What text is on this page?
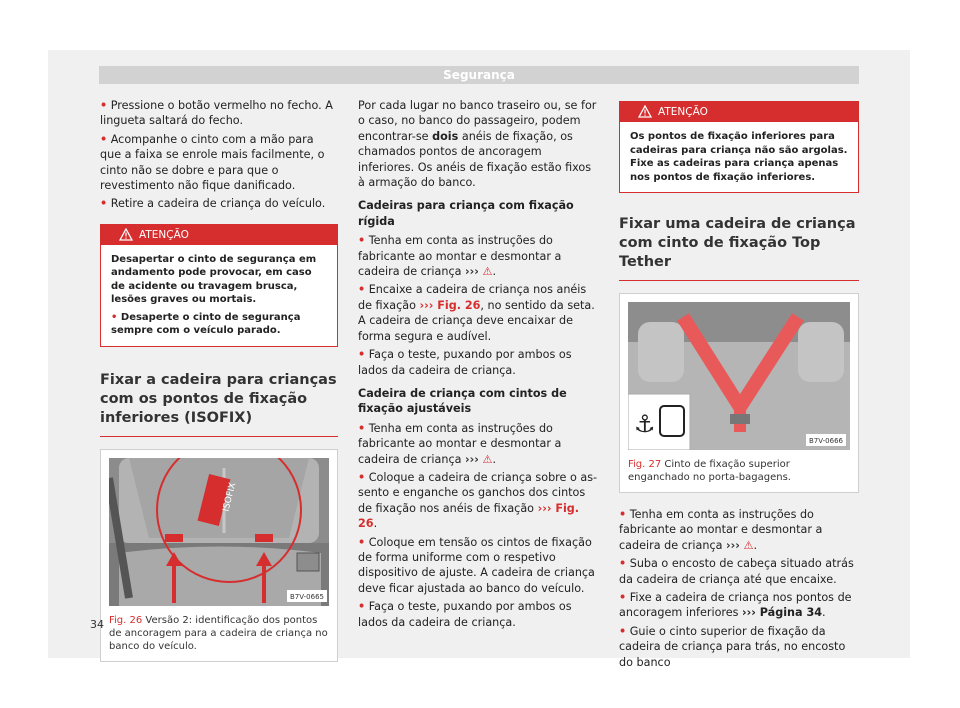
Segurança

• Pressione o botão vermelho no fecho. A lingueta saltará do fecho.

• Acompanhe o cinto com a mão para que a faixa se enrole mais facilmente, o cinto não se dobre e para que o revestimento não fique danificado.

• Retire a cadeira de criança do veículo.

ATENÇÃO

Desapertar o cinto de segurança em andamento pode provocar, em caso de acidente ou travagem brusca, lesões graves ou mortais.

• Desaperte o cinto de segurança sempre com o veículo parado.

Fixar a cadeira para crianças com os pontos de fixação inferiores (ISOFIX)
ISOFIX
B7V-0665
Fig. 26 Versão 2: identificação dos pontos de ancoragem para a cadeira de criança no banco do veículo.

Por cada lugar no banco traseiro ou, se for o caso, no banco do passageiro, podem encontrar-se dois anéis de fixação, os chamados pontos de ancoragem inferiores. Os anéis de fixação estão fixos à armação do banco.

Cadeiras para criança com fixação rígida

• Tenha em conta as instruções do fabricante ao montar e desmontar a cadeira de criança ››› ⚠.

• Encaixe a cadeira de criança nos anéis de fixação ››› Fig. 26, no sentido da seta. A cadeira de criança deve encaixar de forma segura e audível.

• Faça o teste, puxando por ambos os lados da cadeira de criança.

Cadeira de criança com cintos de fixação ajustáveis

• Tenha em conta as instruções do fabricante ao montar e desmontar a cadeira de criança ››› ⚠.

• Coloque a cadeira de criança sobre o assento e enganche os ganchos dos cintos de fixação nos anéis de fixação ››› Fig. 26.

• Coloque em tensão os cintos de fixação de forma uniforme com o respetivo dispositivo de ajuste. A cadeira de criança deve ficar ajustada ao banco do veículo.

• Faça o teste, puxando por ambos os lados da cadeira de criança.

ATENÇÃO

Os pontos de fixação inferiores para cadeiras para criança não são argolas. Fixe as cadeiras para criança apenas nos pontos de fixação inferiores.

Fixar uma cadeira de criança com cinto de fixação Top Tether
⚓
B7V-0666
Fig. 27 Cinto de fixação superior enganchado no porta-bagagens.

• Tenha em conta as instruções do fabricante ao montar e desmontar a cadeira de criança ››› ⚠.

• Suba o encosto de cabeça situado atrás da cadeira de criança até que encaixe.

• Fixe a cadeira de criança nos pontos de ancoragem inferiores ››› Página 34.

• Guie o cinto superior de fixação da cadeira de criança para trás, no encosto do banco

34
